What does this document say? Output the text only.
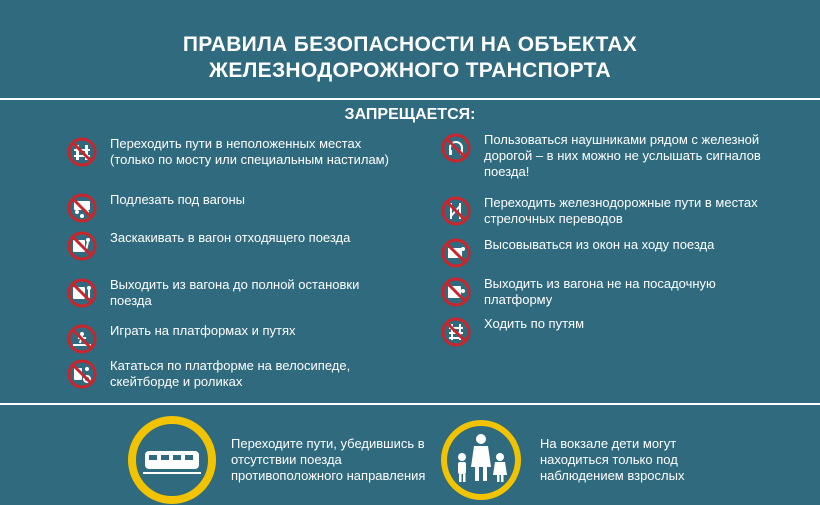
ПРАВИЛА БЕЗОПАСНОСТИ НА ОБЪЕКТАХ
ЖЕЛЕЗНОДОРОЖНОГО ТРАНСПОРТА
ЗАПРЕЩАЕТСЯ:
Переходить пути в неположенных местах (только по мосту или специальным настилам)
Подлезать под вагоны
Заскакивать в вагон отходящего поезда
Выходить из вагона до полной остановки поезда
Играть на платформах и путях
Кататься по платформе на велосипеде, скейтборде и роликах
Пользоваться наушниками рядом с железной дорогой – в них можно не услышать сигналов поезда!
Переходить железнодорожные пути в местах стрелочных переводов
Высовываться из окон на ходу поезда
Выходить из вагона не на посадочную платформу
Ходить по путям
Переходите пути, убедившись в отсутствии поезда противоположного направления
На вокзале дети могут находиться только под наблюдением взрослых
